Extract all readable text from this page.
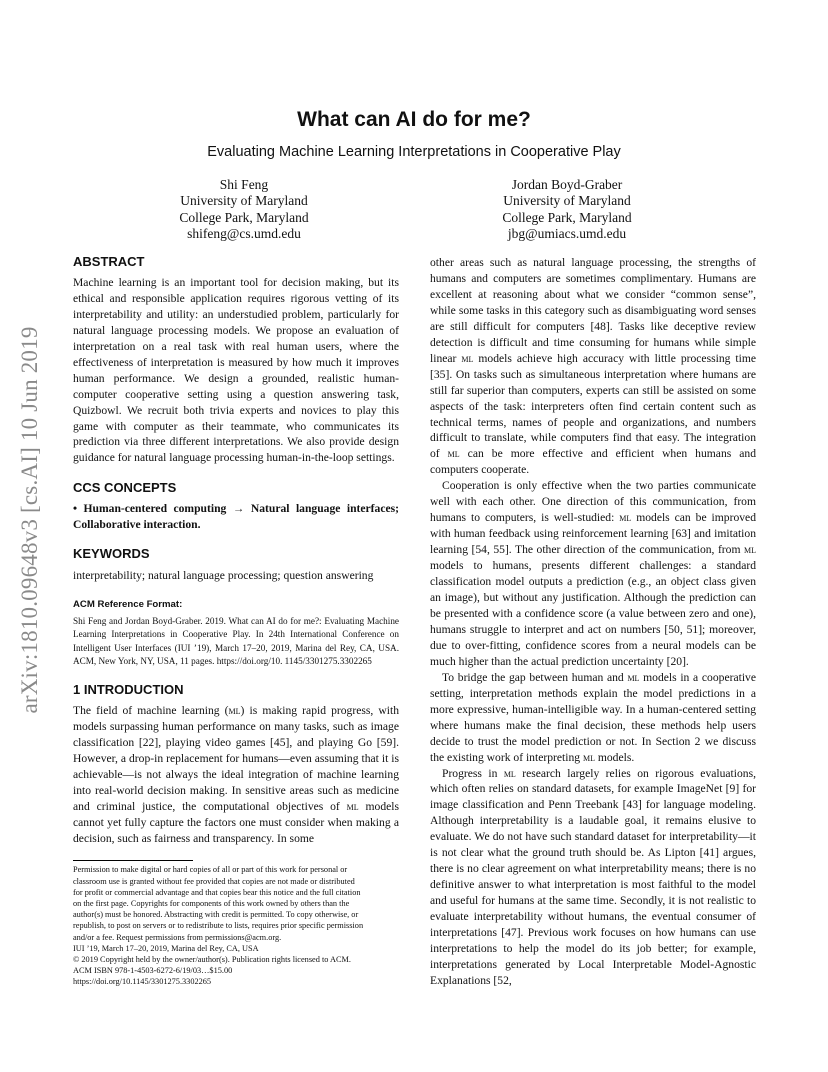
arXiv:1810.09648v3 [cs.AI] 10 Jun 2019
What can AI do for me?
Evaluating Machine Learning Interpretations in Cooperative Play
Shi Feng
University of Maryland
College Park, Maryland
shifeng@cs.umd.edu
Jordan Boyd-Graber
University of Maryland
College Park, Maryland
jbg@umiacs.umd.edu
ABSTRACT

Machine learning is an important tool for decision making, but its ethical and responsible application requires rigorous vetting of its interpretability and utility: an understudied problem, particularly for natural language processing models. We propose an evaluation of interpretation on a real task with real human users, where the effectiveness of interpretation is measured by how much it improves human performance. We design a grounded, realistic human-computer cooperative setting using a question answering task, Quizbowl. We recruit both trivia experts and novices to play this game with computer as their teammate, who communicates its prediction via three different interpretations. We also provide design guidance for natural language processing human-in-the-loop settings.

CCS CONCEPTS

• Human-centered computing → Natural language interfaces; Collaborative interaction.

KEYWORDS

interpretability; natural language processing; question answering

ACM Reference Format:

Shi Feng and Jordan Boyd-Graber. 2019. What can AI do for me?: Evaluating Machine Learning Interpretations in Cooperative Play. In 24th International Conference on Intelligent User Interfaces (IUI ’19), March 17–20, 2019, Marina del Rey, CA, USA. ACM, New York, NY, USA, 11 pages. https://doi.org/10. 1145/3301275.3302265

1 INTRODUCTION

The field of machine learning (ml) is making rapid progress, with models surpassing human performance on many tasks, such as image classification [22], playing video games [45], and playing Go [59]. However, a drop-in replacement for humans—even assuming that it is achievable—is not always the ideal integration of machine learning into real-world decision making. In sensitive areas such as medicine and criminal justice, the computational objectives of ml models cannot yet fully capture the factors one must consider when making a decision, such as fairness and transparency. In some

Permission to make digital or hard copies of all or part of this work for personal or
classroom use is granted without fee provided that copies are not made or distributed
for profit or commercial advantage and that copies bear this notice and the full citation
on the first page. Copyrights for components of this work owned by others than the
author(s) must be honored. Abstracting with credit is permitted. To copy otherwise, or
republish, to post on servers or to redistribute to lists, requires prior specific permission
and/or a fee. Request permissions from permissions@acm.org.
IUI ’19, March 17–20, 2019, Marina del Rey, CA, USA
© 2019 Copyright held by the owner/author(s). Publication rights licensed to ACM.
ACM ISBN 978-1-4503-6272-6/19/03…$15.00
https://doi.org/10.1145/3301275.3302265

other areas such as natural language processing, the strengths of humans and computers are sometimes complimentary. Humans are excellent at reasoning about what we consider “common sense”, while some tasks in this category such as disambiguating word senses are still difficult for computers [48]. Tasks like deceptive review detection is difficult and time consuming for humans while simple linear ml models achieve high accuracy with little processing time [35]. On tasks such as simultaneous interpretation where humans are still far superior than computers, experts can still be assisted on some aspects of the task: interpreters often find certain content such as technical terms, names of people and organizations, and numbers difficult to translate, while computers find that easy. The integration of ml can be more effective and efficient when humans and computers cooperate.

Cooperation is only effective when the two parties communicate well with each other. One direction of this communication, from humans to computers, is well-studied: ml models can be improved with human feedback using reinforcement learning [63] and imitation learning [54, 55]. The other direction of the communication, from ml models to humans, presents different challenges: a standard classification model outputs a prediction (e.g., an object class given an image), but without any justification. Although the prediction can be presented with a confidence score (a value between zero and one), humans struggle to interpret and act on numbers [50, 51]; moreover, due to over-fitting, confidence scores from a neural models can be much higher than the actual prediction uncertainty [20].

To bridge the gap between human and ml models in a cooperative setting, interpretation methods explain the model predictions in a more expressive, human-intelligible way. In a human-centered setting where humans make the final decision, these methods help users decide to trust the model prediction or not. In Section 2 we discuss the existing work of interpreting ml models.

Progress in ml research largely relies on rigorous evaluations, which often relies on standard datasets, for example ImageNet [9] for image classification and Penn Treebank [43] for language modeling. Although interpretability is a laudable goal, it remains elusive to evaluate. We do not have such standard dataset for interpretability—it is not clear what the ground truth should be. As Lipton [41] argues, there is no clear agreement on what interpretability means; there is no definitive answer to what interpretation is most faithful to the model and useful for humans at the same time. Secondly, it is not realistic to evaluate interpretability without humans, the eventual consumer of interpretations [47]. Previous work focuses on how humans can use interpretations to help the model do its job better; for example, interpretations generated by Local Interpretable Model-Agnostic Explanations [52,
